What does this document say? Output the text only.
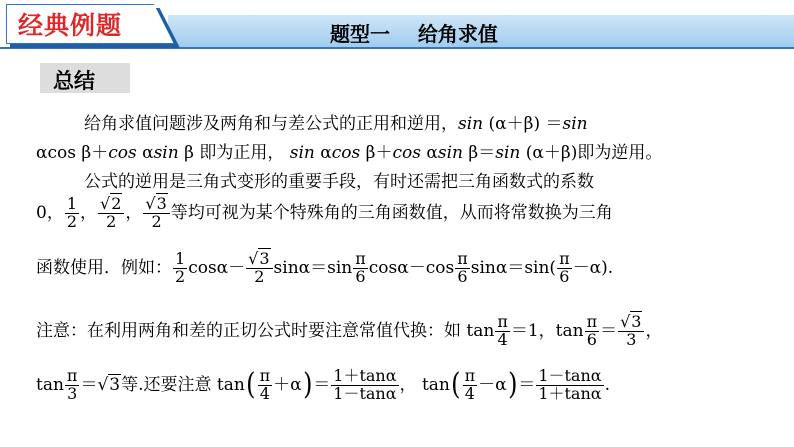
经典例题	题型一    给角求值
总结
给角求值问题涉及两角和与差公式的正用和逆用，sin (α＋β) ＝sin
αcos β＋cos αsin β 即为正用， sin αcos β＋cos αsin β＝sin (α＋β)即为逆用。
公式的逆用是三角式变形的重要手段，有时还需把三角函数式的系数
0， $\frac{1}{2}$ ， $\frac{√2}{2}$ ， $\frac{√3}{2}$ 等均可视为某个特殊角的三角函数值，从而将常数换为三角
函数使用．例如： $\frac{1}{2} \cos\alpha- \frac{√3}{2} \sin\alpha=\sin \frac{\pi}{6} \cos\alpha-\cos \frac{\pi}{6} \sin\alpha=\sin( \frac{\pi}{6} -\alpha)$.
注意：在利用两角和差的正切公式时要注意常值代换：如 $\tan \frac{\pi}{4} =1$，$\tan \frac{\pi}{6} = \frac{√3}{3}$ ，
$\tan \frac{\pi}{3} =√3$等.还要注意 $\tan( \frac{\pi}{4} +\alpha)= \frac{1+\tan\alpha}{1-\tan\alpha}$ ， $\tan( \frac{\pi}{4} -\alpha)= \frac{1-\tan\alpha}{1+\tan\alpha}$ .
